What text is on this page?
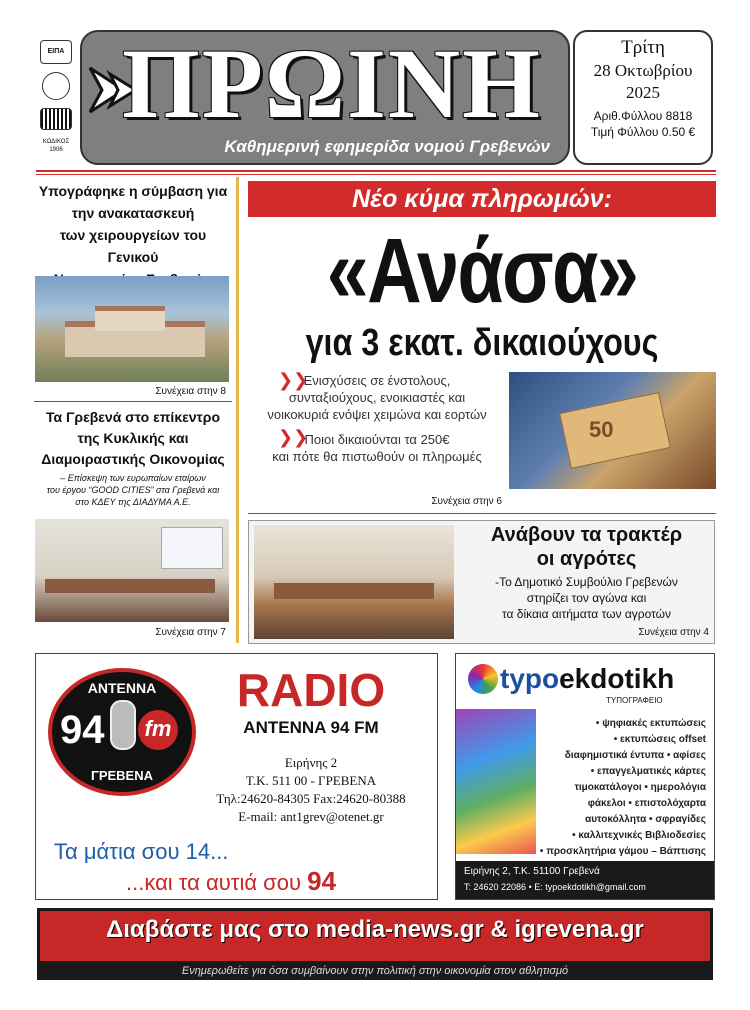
ΕΙΠΑ
ΚΩΔΙΚΟΣ
1906
ΠΡΩΙΝΗ
Καθημερινή εφημερίδα νομού Γρεβενών
Τρίτη
28 Οκτωβρίου
2025
Αριθ.Φύλλου 8818
Τιμή Φύλλου 0.50 €
Υπογράφηκε η σύμβαση για
την ανακατασκευή
των χειρουργείων του Γενικού
Συνέχεια στην 8
Τα Γρεβενά στο επίκεντρο
της Κυκλικής και
Διαμοιραστικής Οικονομίας
– Επίσκεψη των ευρωπαίων εταίρων
του έργου “GOOD CITIES” στα Γρεβενά και
στο ΚΔΕΥ της ΔΙΑΔΥΜΑ Α.Ε.
Συνέχεια στην 7
Νέο κύμα πληρωμών:
«Ανάσα»
για 3 εκατ. δικαιούχους
❯❯
Ενισχύσεις σε ένστολους,
συνταξιούχους, ενοικιαστές και
νοικοκυριά ενόψει χειμώνα και εορτών
❯❯
Ποιοι δικαιούνται τα 250€
και πότε θα πιστωθούν οι πληρωμές
50
Συνέχεια στην 6
Ανάβουν τα τρακτέρ
οι αγρότες
-Το Δημοτικό Συμβούλιο Γρεβενών
στηρίζει τον αγώνα και
τα δίκαια αιτήματα των αγροτών
Συνέχεια στην 4
ΑΝΤΕΝΝΑ
94 fm
ΓΡΕΒΕΝΑ
RADIO
ANTENNA 94 FM
Ειρήνης 2
Τ.Κ. 511 00 - ΓΡΕΒΕΝΑ
Τηλ:24620-84305 Fax:24620-80388
E-mail: ant1grev@otenet.gr
Τα μάτια σου 14...
...και τα αυτιά σου 94
typoekdotikh
ΤΥΠΟΓΡΑΦΕΙΟ
• ψηφιακές εκτυπώσεις
• εκτυπώσεις offset
διαφημιστικά έντυπα • αφίσες
• επαγγελματικές κάρτες
τιμοκατάλογοι • ημερολόγια
φάκελοι • επιστολόχαρτα
αυτοκόλλητα • σφραγίδες
• καλλιτεχνικές Βιβλιοδεσίες
• προσκλητήρια γάμου – Βάπτισης
Ειρήνης 2, Τ.Κ. 51100 Γρεβενά
Τ: 24620 22086 • E: typoekdotikh@gmail.com
Διαβάστε μας στο media-news.gr & igrevena.gr
Ενημερωθείτε για όσα συμβαίνουν στην πολιτική στην οικονομία στον αθλητισμό
